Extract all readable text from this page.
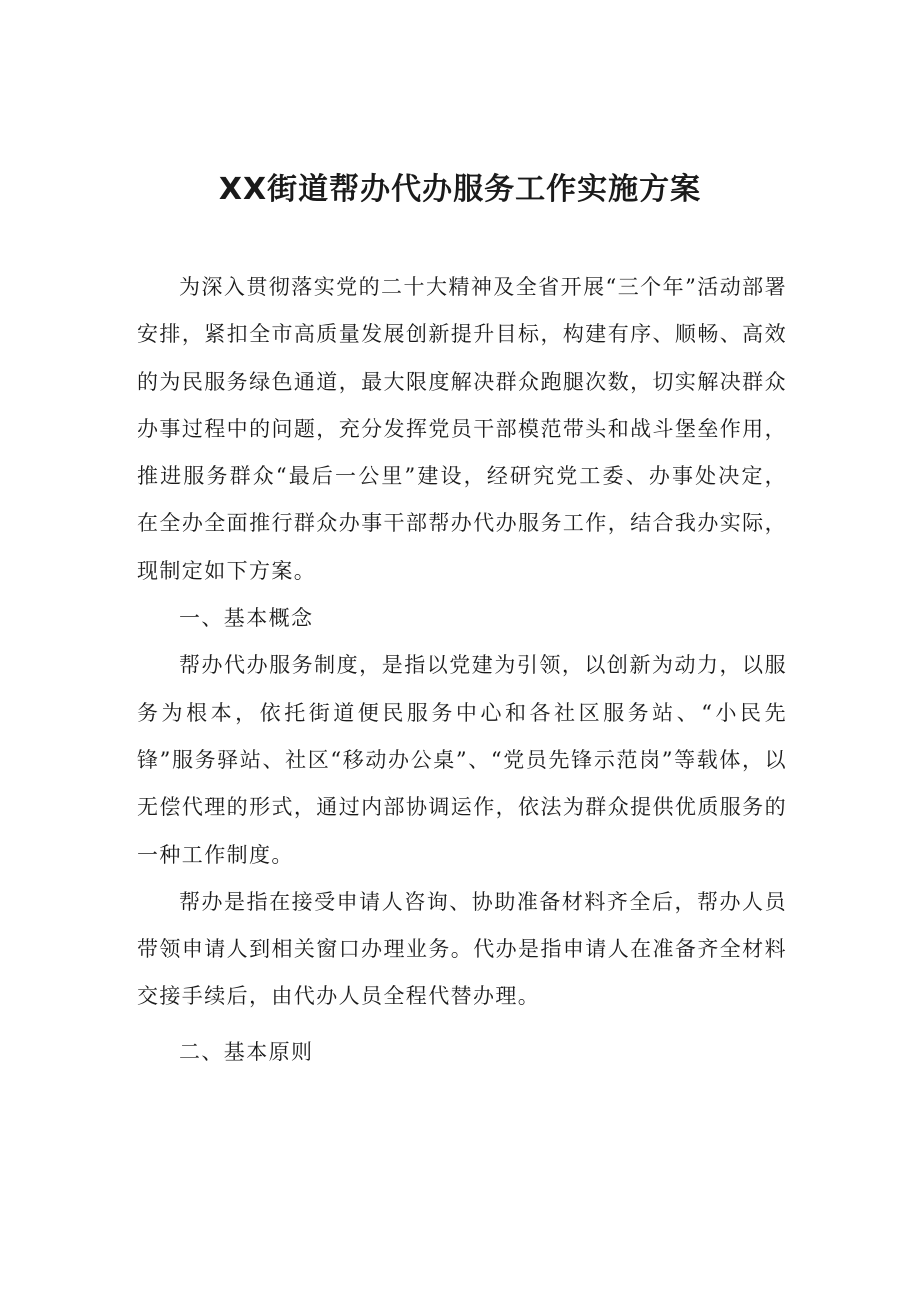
XX街道帮办代办服务工作实施方案

为深入贯彻落实党的二十大精神及全省开展“三个年”活动部署安排，紧扣全市高质量发展创新提升目标，构建有序、顺畅、高效的为民服务绿色通道，最大限度解决群众跑腿次数，切实解决群众办事过程中的问题，充分发挥党员干部模范带头和战斗堡垒作用，推进服务群众“最后一公里”建设，经研究党工委、办事处决定，在全办全面推行群众办事干部帮办代办服务工作，结合我办实际，现制定如下方案。

一、基本概念

帮办代办服务制度，是指以党建为引领，以创新为动力，以服务为根本，依托街道便民服务中心和各社区服务站、“小民先锋”服务驿站、社区“移动办公桌”、“党员先锋示范岗”等载体，以无偿代理的形式，通过内部协调运作，依法为群众提供优质服务的一种工作制度。

帮办是指在接受申请人咨询、协助准备材料齐全后，帮办人员带领申请人到相关窗口办理业务。代办是指申请人在准备齐全材料交接手续后，由代办人员全程代替办理。

二、基本原则
